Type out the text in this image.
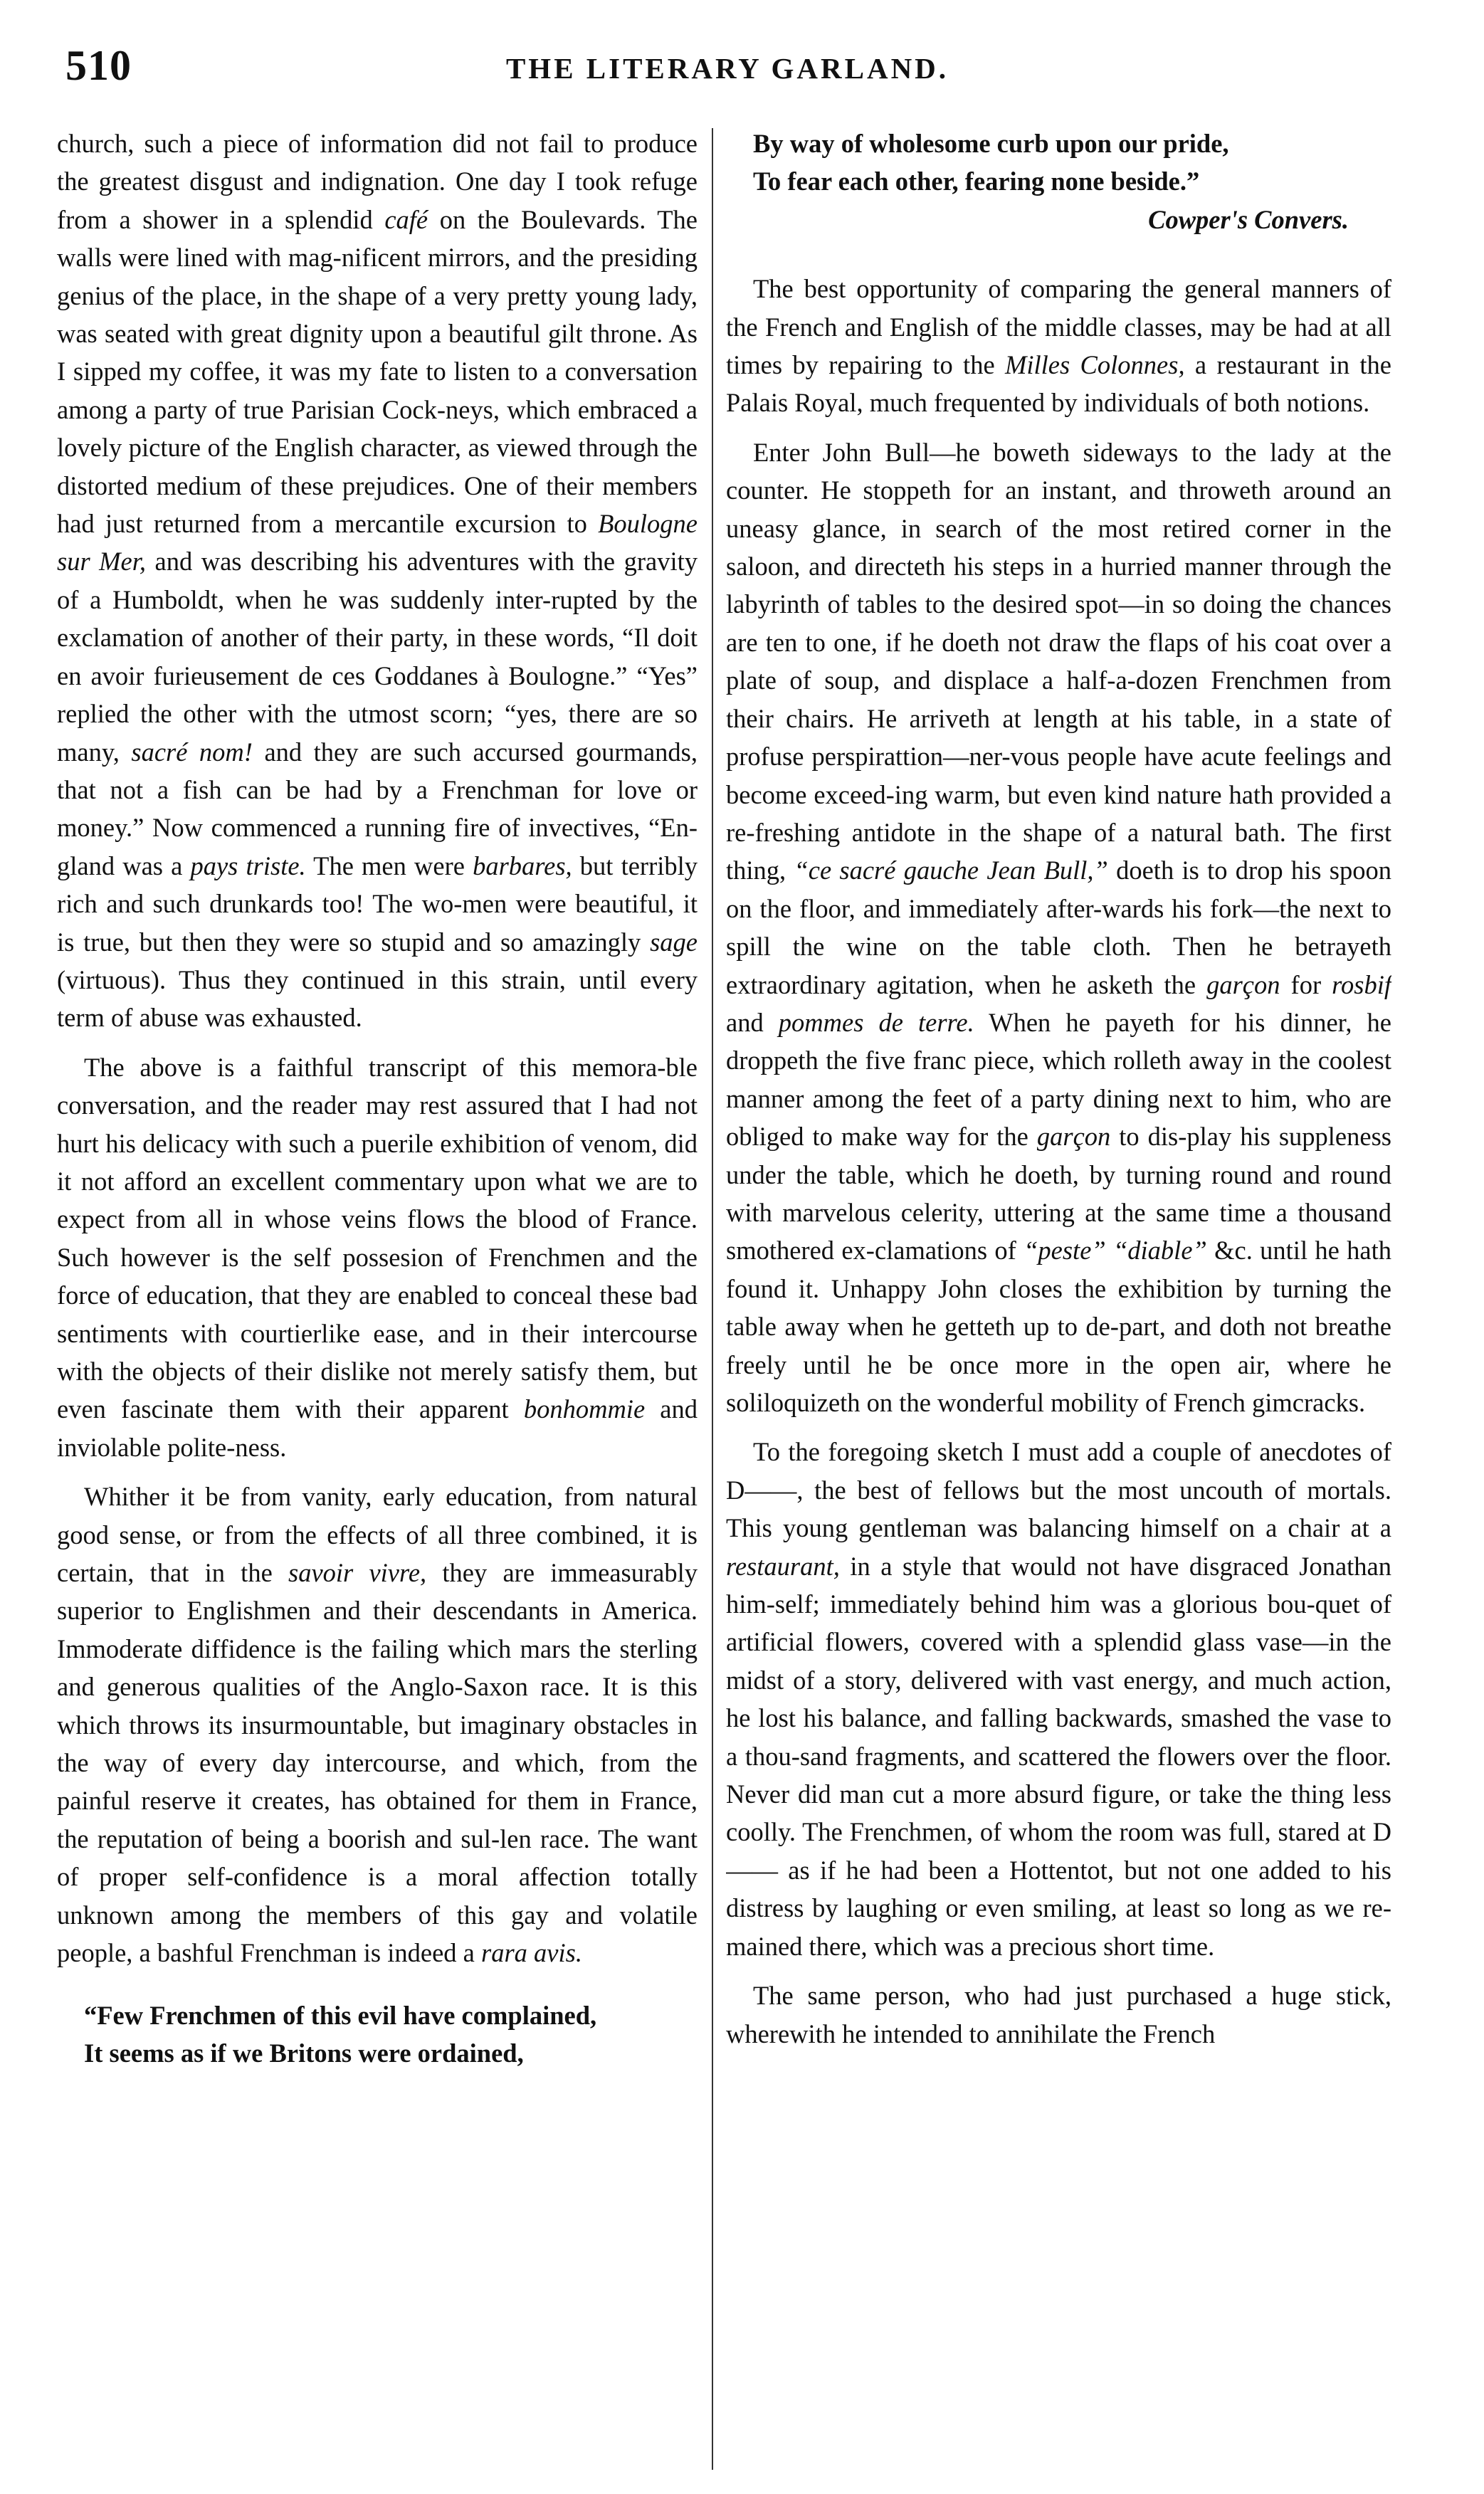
510	THE LITERARY GARLAND.

church, such a piece of information did not fail to produce the greatest disgust and indignation. One day I took refuge from a shower in a splendid café on the Boulevards. The walls were lined with mag-nificent mirrors, and the presiding genius of the place, in the shape of a very pretty young lady, was seated with great dignity upon a beautiful gilt throne. As I sipped my coffee, it was my fate to listen to a conversation among a party of true Parisian Cock-neys, which embraced a lovely picture of the English character, as viewed through the distorted medium of these prejudices. One of their members had just returned from a mercantile excursion to Boulogne sur Mer, and was describing his adventures with the gravity of a Humboldt, when he was suddenly inter-rupted by the exclamation of another of their party, in these words, “Il doit en avoir furieusement de ces Goddanes à Boulogne.” “Yes” replied the other with the utmost scorn; “yes, there are so many, sacré nom! and they are such accursed gourmands, that not a fish can be had by a Frenchman for love or money.” Now commenced a running fire of invectives, “En-gland was a pays triste. The men were barbares, but terribly rich and such drunkards too! The wo-men were beautiful, it is true, but then they were so stupid and so amazingly sage (virtuous). Thus they continued in this strain, until every term of abuse was exhausted.

The above is a faithful transcript of this memora-ble conversation, and the reader may rest assured that I had not hurt his delicacy with such a puerile exhibition of venom, did it not afford an excellent commentary upon what we are to expect from all in whose veins flows the blood of France. Such however is the self possesion of Frenchmen and the force of education, that they are enabled to conceal these bad sentiments with courtierlike ease, and in their intercourse with the objects of their dislike not merely satisfy them, but even fascinate them with their apparent bonhommie and inviolable polite-ness.

Whither it be from vanity, early education, from natural good sense, or from the effects of all three combined, it is certain, that in the savoir vivre, they are immeasurably superior to Englishmen and their descendants in America. Immoderate diffidence is the failing which mars the sterling and generous qualities of the Anglo-Saxon race. It is this which throws its insurmountable, but imaginary obstacles in the way of every day intercourse, and which, from the painful reserve it creates, has obtained for them in France, the reputation of being a boorish and sul-len race. The want of proper self-confidence is a moral affection totally unknown among the members of this gay and volatile people, a bashful Frenchman is indeed a rara avis.

“Few Frenchmen of this evil have complained,
It seems as if we Britons were ordained,
By way of wholesome curb upon our pride,
To fear each other, fearing none beside.”
Cowper's Convers.

The best opportunity of comparing the general manners of the French and English of the middle classes, may be had at all times by repairing to the Milles Colonnes, a restaurant in the Palais Royal, much frequented by individuals of both notions.

Enter John Bull—he boweth sideways to the lady at the counter. He stoppeth for an instant, and throweth around an uneasy glance, in search of the most retired corner in the saloon, and directeth his steps in a hurried manner through the labyrinth of tables to the desired spot—in so doing the chances are ten to one, if he doeth not draw the flaps of his coat over a plate of soup, and displace a half-a-dozen Frenchmen from their chairs. He arriveth at length at his table, in a state of profuse perspirattion—ner-vous people have acute feelings and become exceed-ing warm, but even kind nature hath provided a re-freshing antidote in the shape of a natural bath. The first thing, “ce sacré gauche Jean Bull,” doeth is to drop his spoon on the floor, and immediately after-wards his fork—the next to spill the wine on the table cloth. Then he betrayeth extraordinary agitation, when he asketh the garçon for rosbif and pommes de terre. When he payeth for his dinner, he droppeth the five franc piece, which rolleth away in the coolest manner among the feet of a party dining next to him, who are obliged to make way for the garçon to dis-play his suppleness under the table, which he doeth, by turning round and round with marvelous celerity, uttering at the same time a thousand smothered ex-clamations of “peste” “diable” &c. until he hath found it. Unhappy John closes the exhibition by turning the table away when he getteth up to de-part, and doth not breathe freely until he be once more in the open air, where he soliloquizeth on the wonderful mobility of French gimcracks.

To the foregoing sketch I must add a couple of anecdotes of D——, the best of fellows but the most uncouth of mortals. This young gentleman was balancing himself on a chair at a restaurant, in a style that would not have disgraced Jonathan him-self; immediately behind him was a glorious bou-quet of artificial flowers, covered with a splendid glass vase—in the midst of a story, delivered with vast energy, and much action, he lost his balance, and falling backwards, smashed the vase to a thou-sand fragments, and scattered the flowers over the floor. Never did man cut a more absurd figure, or take the thing less coolly. The Frenchmen, of whom the room was full, stared at D—— as if he had been a Hottentot, but not one added to his distress by laughing or even smiling, at least so long as we re-mained there, which was a precious short time.

The same person, who had just purchased a huge stick, wherewith he intended to annihilate the French
